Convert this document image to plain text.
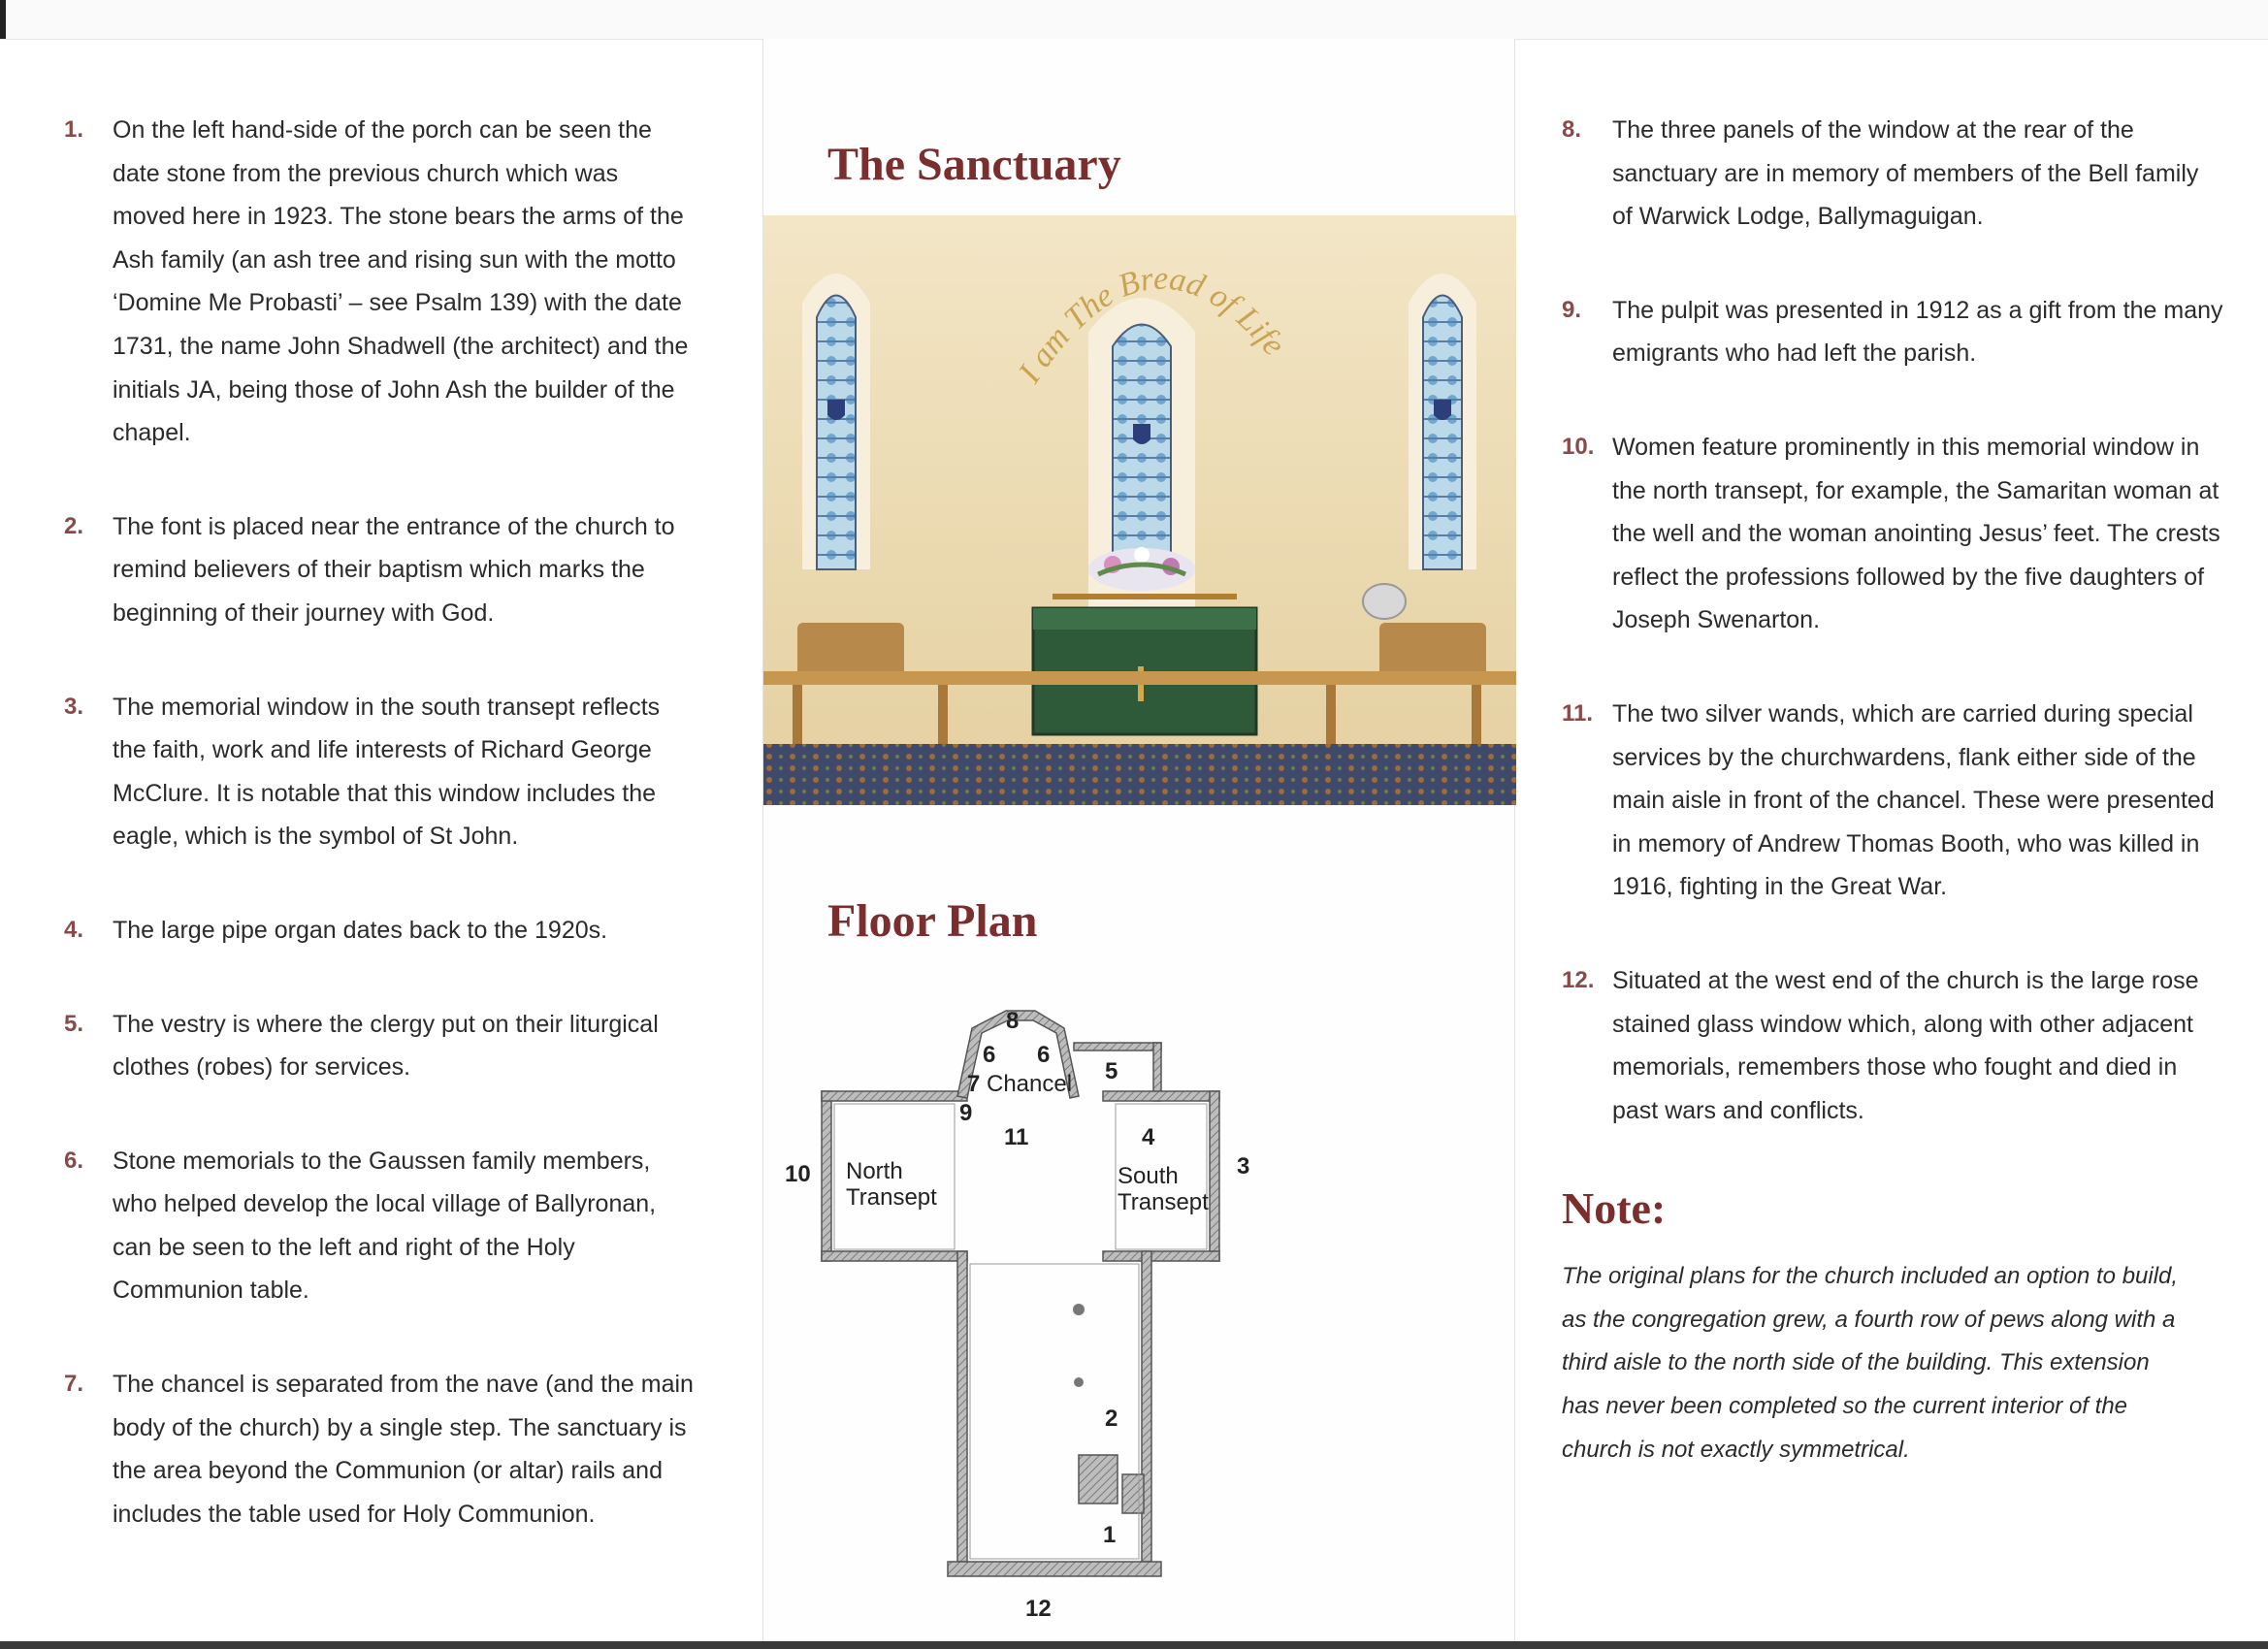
1.	On the left hand-side of the porch can be seen the date stone from the previous church which was moved here in 1923. The stone bears the arms of the Ash family (an ash tree and rising sun with the motto ‘Domine Me Probasti’ – see Psalm 139) with the date 1731, the name John Shadwell (the architect) and the initials JA, being those of John Ash the builder of the chapel.
2.	The font is placed near the entrance of the church to remind believers of their baptism which marks the beginning of their journey with God.
3.	The memorial window in the south transept reflects the faith, work and life interests of Richard George McClure. It is notable that this window includes the eagle, which is the symbol of St John.
4.	The large pipe organ dates back to the 1920s.
5.	The vestry is where the clergy put on their liturgical clothes (robes) for services.
6.	Stone memorials to the Gaussen family members, who helped develop the local village of Ballyronan, can be seen to the left and right of the Holy Communion table.
7.	The chancel is separated from the nave (and the main body of the church) by a single step. The sanctuary is the area beyond the Communion (or altar) rails and includes the table used for Holy Communion.
The Sanctuary
I am The Bread of Life
Floor Plan
Chancel
North
Transept
South
Transept
1
2
3
4
5
6 6
7
8
9
10
11
12
8.	The three panels of the window at the rear of the sanctuary are in memory of members of the Bell family of Warwick Lodge, Ballymaguigan.
9.	The pulpit was presented in 1912 as a gift from the many emigrants who had left the parish.
10. Women feature prominently in this memorial window in the north transept, for example, the Samaritan woman at the well and the woman anointing Jesus’ feet. The crests reflect the professions followed by the five daughters of Joseph Swenarton.
11. The two silver wands, which are carried during special services by the churchwardens, flank either side of the main aisle in front of the chancel. These were presented in memory of Andrew Thomas Booth, who was killed in 1916, fighting in the Great War.
12. Situated at the west end of the church is the large rose stained glass window which, along with other adjacent memorials, remembers those who fought and died in past wars and conflicts.
Note:

The original plans for the church included an option to build, as the congregation grew, a fourth row of pews along with a third aisle to the north side of the building. This extension has never been completed so the current interior of the church is not exactly symmetrical.
